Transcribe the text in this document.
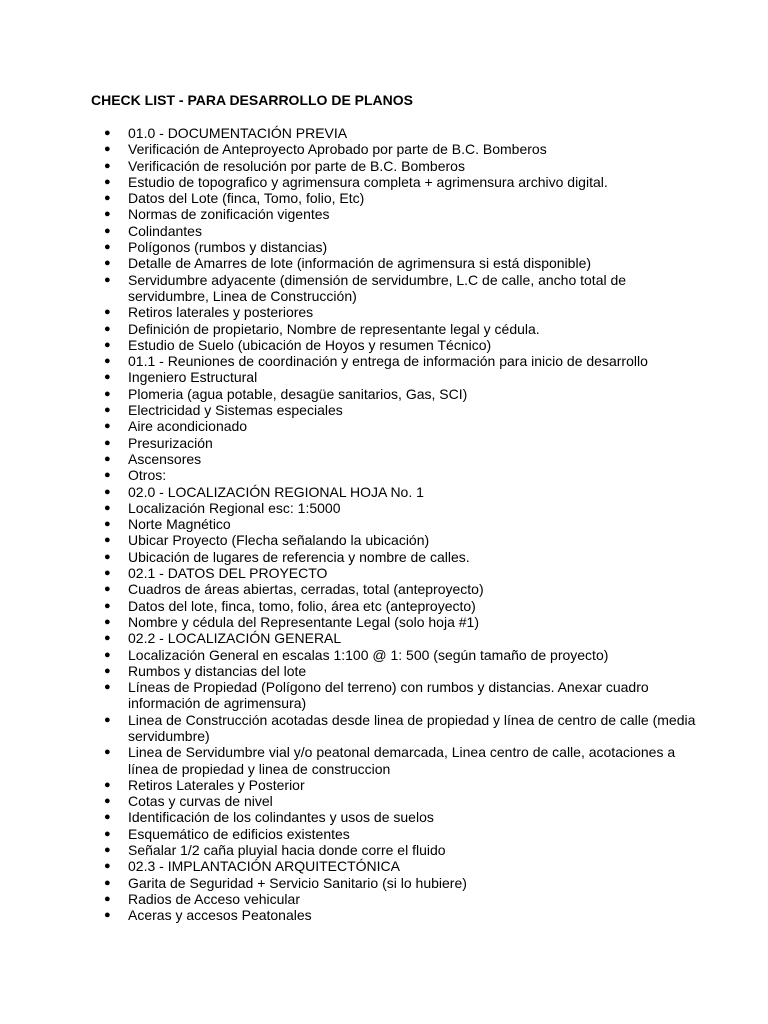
CHECK LIST - PARA DESARROLLO DE PLANOS
● 01.0 - DOCUMENTACIÓN PREVIA
● Verificación de Anteproyecto Aprobado por parte de B.C. Bomberos
● Verificación de resolución por parte de B.C. Bomberos
● Estudio de topografico y agrimensura completa + agrimensura archivo digital.
● Datos del Lote (finca, Tomo, folio, Etc)
● Normas de zonificación vigentes
● Colindantes
● Polígonos (rumbos y distancias)
● Detalle de Amarres de lote (información de agrimensura si está disponible)
● Servidumbre adyacente (dimensión de servidumbre, L.C de calle, ancho total de servidumbre, Linea de Construcción)
● Retiros laterales y posteriores
● Definición de propietario, Nombre de representante legal y cédula.
● Estudio de Suelo (ubicación de Hoyos y resumen Técnico)
● 01.1 - Reuniones de coordinación y entrega de información para inicio de desarrollo
● Ingeniero Estructural
● Plomeria (agua potable, desagüe sanitarios, Gas, SCI)
● Electricidad y Sistemas especiales
● Aire acondicionado
● Presurización
● Ascensores
● Otros:
● 02.0 - LOCALIZACIÓN REGIONAL HOJA No. 1
● Localización Regional esc: 1:5000
● Norte Magnético
● Ubicar Proyecto (Flecha señalando la ubicación)
● Ubicación de lugares de referencia y nombre de calles.
● 02.1 - DATOS DEL PROYECTO
● Cuadros de áreas abiertas, cerradas, total (anteproyecto)
● Datos del lote, finca, tomo, folio, área etc (anteproyecto)
● Nombre y cédula del Representante Legal (solo hoja #1)
● 02.2 - LOCALIZACIÓN GENERAL
● Localización General en escalas 1:100 @ 1: 500 (según tamaño de proyecto)
● Rumbos y distancias del lote
● Líneas de Propiedad (Polígono del terreno) con rumbos y distancias. Anexar cuadro información de agrimensura)
● Linea de Construcción acotadas desde linea de propiedad y línea de centro de calle (media servidumbre)
● Linea de Servidumbre vial y/o peatonal demarcada, Linea centro de calle, acotaciones a línea de propiedad y linea de construccion
● Retiros Laterales y Posterior
● Cotas y curvas de nivel
● Identificación de los colindantes y usos de suelos
● Esquemático de edificios existentes
● Señalar 1/2 caña pluyial hacia donde corre el fluido
● 02.3 - IMPLANTACIÓN ARQUITECTÓNICA
● Garita de Seguridad + Servicio Sanitario (si lo hubiere)
● Radios de Acceso vehicular
● Aceras y accesos Peatonales
